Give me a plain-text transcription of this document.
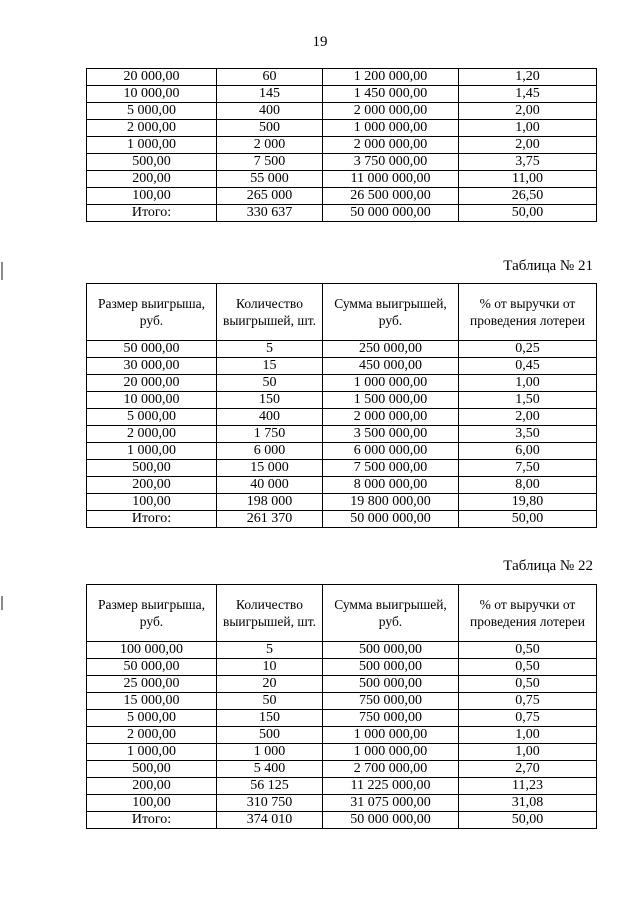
19
20 000,00	60	1 200 000,00	1,20
10 000,00	145	1 450 000,00	1,45
5 000,00	400	2 000 000,00	2,00
2 000,00	500	1 000 000,00	1,00
1 000,00	2 000	2 000 000,00	2,00
500,00	7 500	3 750 000,00	3,75
200,00	55 000	11 000 000,00	11,00
100,00	265 000	26 500 000,00	26,50
Итого:	330 637	50 000 000,00	50,00
Таблица № 21
Размер выигрыша, руб.	Количество выигрышей, шт.	Сумма выигрышей, руб.	% от выручки от проведения лотереи
50 000,00	5	250 000,00	0,25
30 000,00	15	450 000,00	0,45
20 000,00	50	1 000 000,00	1,00
10 000,00	150	1 500 000,00	1,50
5 000,00	400	2 000 000,00	2,00
2 000,00	1 750	3 500 000,00	3,50
1 000,00	6 000	6 000 000,00	6,00
500,00	15 000	7 500 000,00	7,50
200,00	40 000	8 000 000,00	8,00
100,00	198 000	19 800 000,00	19,80
Итого:	261 370	50 000 000,00	50,00
Таблица № 22
Размер выигрыша, руб.	Количество выигрышей, шт.	Сумма выигрышей, руб.	% от выручки от проведения лотереи
100 000,00	5	500 000,00	0,50
50 000,00	10	500 000,00	0,50
25 000,00	20	500 000,00	0,50
15 000,00	50	750 000,00	0,75
5 000,00	150	750 000,00	0,75
2 000,00	500	1 000 000,00	1,00
1 000,00	1 000	1 000 000,00	1,00
500,00	5 400	2 700 000,00	2,70
200,00	56 125	11 225 000,00	11,23
100,00	310 750	31 075 000,00	31,08
Итого:	374 010	50 000 000,00	50,00
